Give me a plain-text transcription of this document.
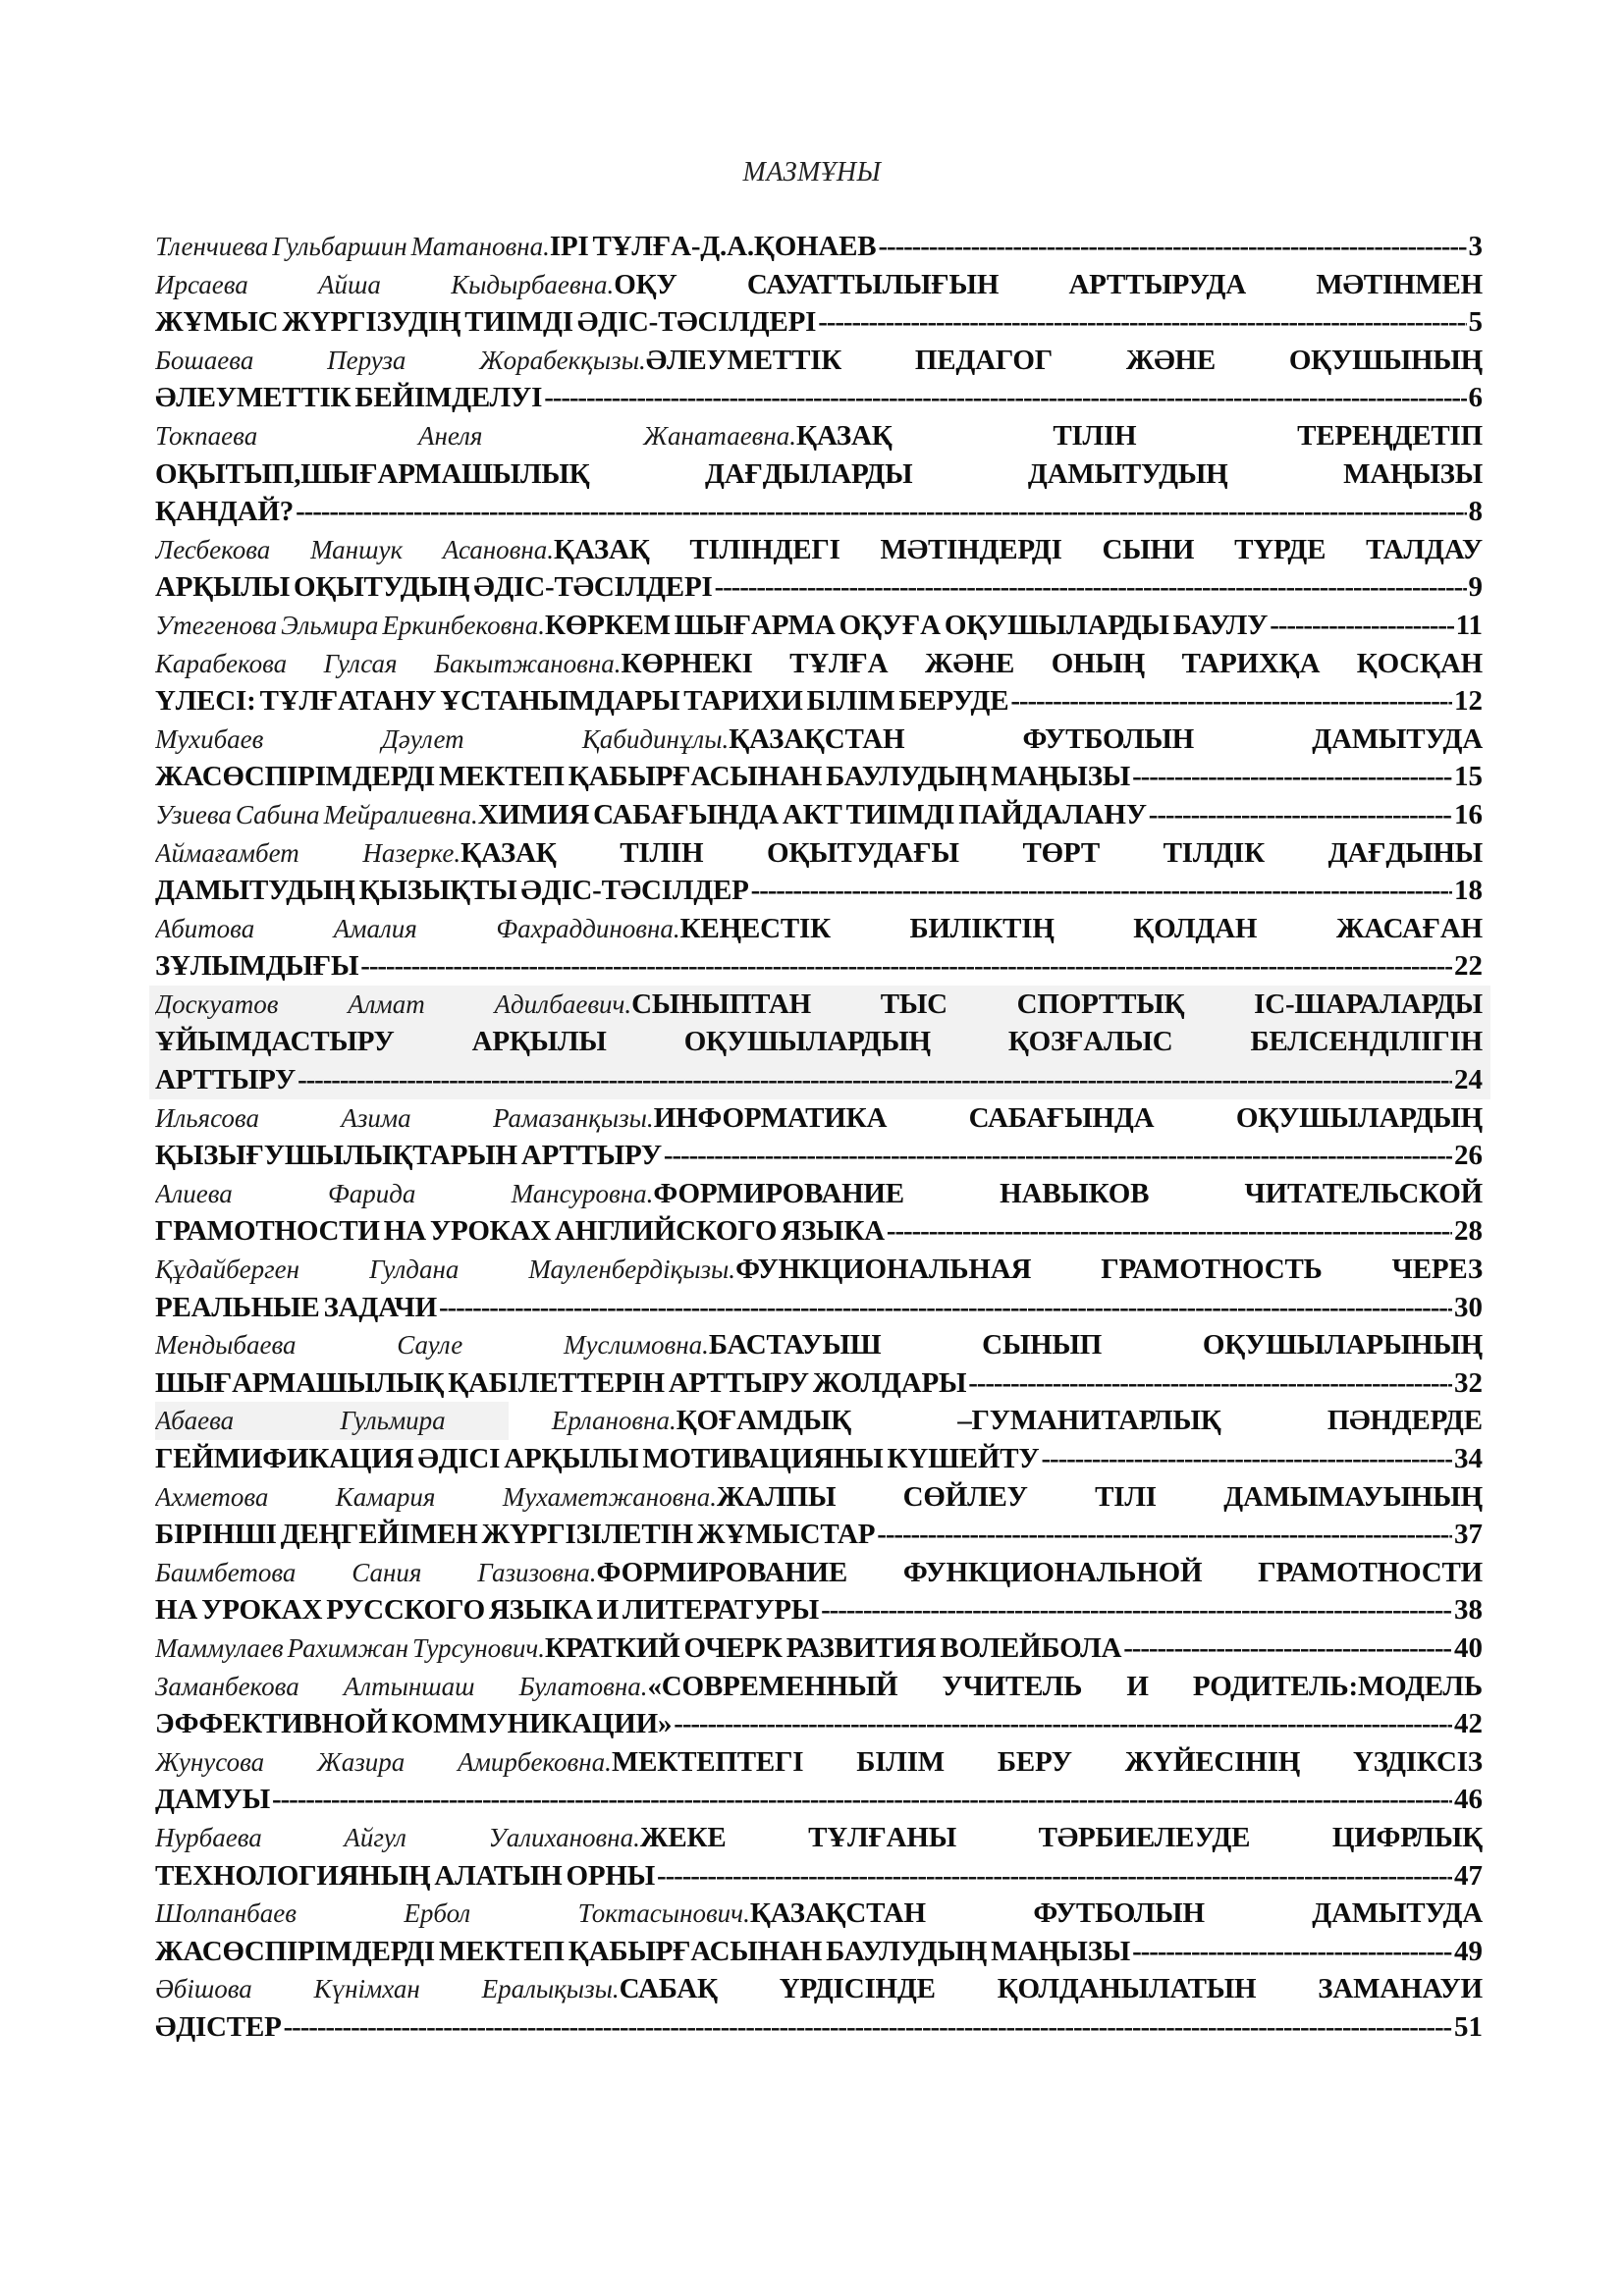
МАЗМҰНЫ
Тленчиева
Гульбаршин
Матановна.ІРІ
ТҰЛҒА-Д.А.ҚОНАЕВ -----	3
Ирсаева	Айша	Кыдырбаевна.ОҚУ САУАТТЫЛЫҒЫН АРТТЫРУДА МӘТІНМЕН
ЖҰМЫС
ЖҮРГІЗУДІҢ
ТИІМДІ
ӘДІС-ТӘСІЛДЕРІ -----	5
Бошаева	Перуза	Жорабекқызы.ӘЛЕУМЕТТІК	ПЕДАГОГ	ЖӘНЕ	ОҚУШЫНЫҢ
ӘЛЕУМЕТТІК
БЕЙІМДЕЛУІ -----	6
Токпаева	Анеля	Жанатаевна.ҚАЗАҚ	ТІЛІН	ТЕРЕҢДЕТІП
ОҚЫТЫП,ШЫҒАРМАШЫЛЫҚ	ДАҒДЫЛАРДЫ	ДАМЫТУДЫҢ	МАҢЫЗЫ
ҚАНДАЙ? -----	8
Лесбекова Маншук Асановна.ҚАЗАҚ ТІЛІНДЕГІ МӘТІНДЕРДІ СЫНИ ТҮРДЕ ТАЛДАУ
АРҚЫЛЫ
ОҚЫТУДЫҢ
ӘДІС-ТӘСІЛДЕРІ -----	9
Утегенова
Эльмира
Еркинбековна.КӨРКЕМ
ШЫҒАРМА
ОҚУҒА
ОҚУШЫЛАРДЫ
БАУЛУ -----	11
Карабекова Гулсая Бакытжановна.КӨРНЕКІ ТҰЛҒА ЖӘНЕ ОНЫҢ ТАРИХҚА ҚОСҚАН
ҮЛЕСІ:
ТҰЛҒАТАНУ
ҰСТАНЫМДАРЫ
ТАРИХИ
БІЛІМ
БЕРУДЕ -----	12
Мухибаев	Дәулет	Қабидинұлы.ҚАЗАҚСТАН	ФУТБОЛЫН	ДАМЫТУДА
ЖАСӨСПІРІМДЕРДІ
МЕКТЕП
ҚАБЫРҒАСЫНАН
БАУЛУДЫҢ
МАҢЫЗЫ -----	15
Узиева
Сабина
Мейралиевна.ХИМИЯ
САБАҒЫНДА
АКТ
ТИІМДІ
ПАЙДАЛАНУ -----	16
Аймағамбет Назерке.ҚАЗАҚ ТІЛІН ОҚЫТУДАҒЫ ТӨРТ ТІЛДІК ДАҒДЫНЫ
ДАМЫТУДЫҢ
ҚЫЗЫҚТЫ
ӘДІС-ТӘСІЛДЕР -----	18
Абитова	Амалия	Фахраддиновна.КЕҢЕСТІК	БИЛІКТІҢ	ҚОЛДАН	ЖАСАҒАН
ЗҰЛЫМДЫҒЫ -----	22
Доскуатов	Алмат	Адилбаевич.СЫНЫПТАН ТЫС СПОРТТЫҚ ІС-ШАРАЛАРДЫ
ҰЙЫМДАСТЫРУ	АРҚЫЛЫ	ОҚУШЫЛАРДЫҢ	ҚОЗҒАЛЫС	БЕЛСЕНДІЛІГІН
АРТТЫРУ -----	24
Ильясова	Азима	Рамазанқызы.ИНФОРМАТИКА	САБАҒЫНДА	ОҚУШЫЛАРДЫҢ
ҚЫЗЫҒУШЫЛЫҚТАРЫН
АРТТЫРУ -----	26
Алиева	Фарида	Мансуровна.ФОРМИРОВАНИЕ	НАВЫКОВ	ЧИТАТЕЛЬСКОЙ
ГРАМОТНОСТИ
НА
УРОКАХ
АНГЛИЙСКОГО
ЯЗЫКА -----	28
Құдайберген	Гулдана	Мауленбердіқызы.ФУНКЦИОНАЛЬНАЯ ГРАМОТНОСТЬ ЧЕРЕЗ
РЕАЛЬНЫЕ
ЗАДАЧИ -----	30
Мендыбаева	Сауле	Муслимовна.БАСТАУЫШ	СЫНЫП	ОҚУШЫЛАРЫНЫҢ
ШЫҒАРМАШЫЛЫҚ
ҚАБІЛЕТТЕРІН
АРТТЫРУ
ЖОЛДАРЫ -----	32
Абаева	Гульмира	Ерлановна.ҚОҒАМДЫҚ	–ГУМАНИТАРЛЫҚ	ПӘНДЕРДЕ
ГЕЙМИФИКАЦИЯ
ӘДІСІ
АРҚЫЛЫ
МОТИВАЦИЯНЫ
КҮШЕЙТУ -----	34
Ахметова	Камария	Мухаметжановна.ЖАЛПЫ СӨЙЛЕУ ТІЛІ ДАМЫМАУЫНЫҢ
БІРІНШІ
ДЕҢГЕЙІМЕН
ЖҮРГІЗІЛЕТІН
ЖҰМЫСТАР -----	37
Баимбетова Сания Газизовна.ФОРМИРОВАНИЕ ФУНКЦИОНАЛЬНОЙ ГРАМОТНОСТИ
НА
УРОКАХ
РУССКОГО
ЯЗЫКА
И
ЛИТЕРАТУРЫ -----	38
Маммулаев
Рахимжан
Турсунович.КРАТКИЙ
ОЧЕРК
РАЗВИТИЯ
ВОЛЕЙБОЛА -----	40
Заманбекова Алтыншаш Булатовна.«СОВРЕМЕННЫЙ УЧИТЕЛЬ И РОДИТЕЛЬ:МОДЕЛЬ
ЭФФЕКТИВНОЙ
КОММУНИКАЦИИ» -----	42
Жунусова Жазира Амирбековна.МЕКТЕПТЕГІ БІЛІМ БЕРУ ЖҮЙЕСІНІҢ ҮЗДІКСІЗ
ДАМУЫ -----	46
Нурбаева	Айгул	Уалихановна.ЖЕКЕ	ТҰЛҒАНЫ	ТӘРБИЕЛЕУДЕ	ЦИФРЛЫҚ
ТЕХНОЛОГИЯНЫҢ
АЛАТЫН
ОРНЫ -----	47
Шолпанбаев	Ербол	Токтасынович.ҚАЗАҚСТАН	ФУТБОЛЫН	ДАМЫТУДА
ЖАСӨСПІРІМДЕРДІ
МЕКТЕП
ҚАБЫРҒАСЫНАН
БАУЛУДЫҢ
МАҢЫЗЫ -----	49
Әбішова Күнімхан Ералықызы.САБАҚ ҮРДІСІНДЕ ҚОЛДАНЫЛАТЫН ЗАМАНАУИ
ӘДІСТЕР -----	51
